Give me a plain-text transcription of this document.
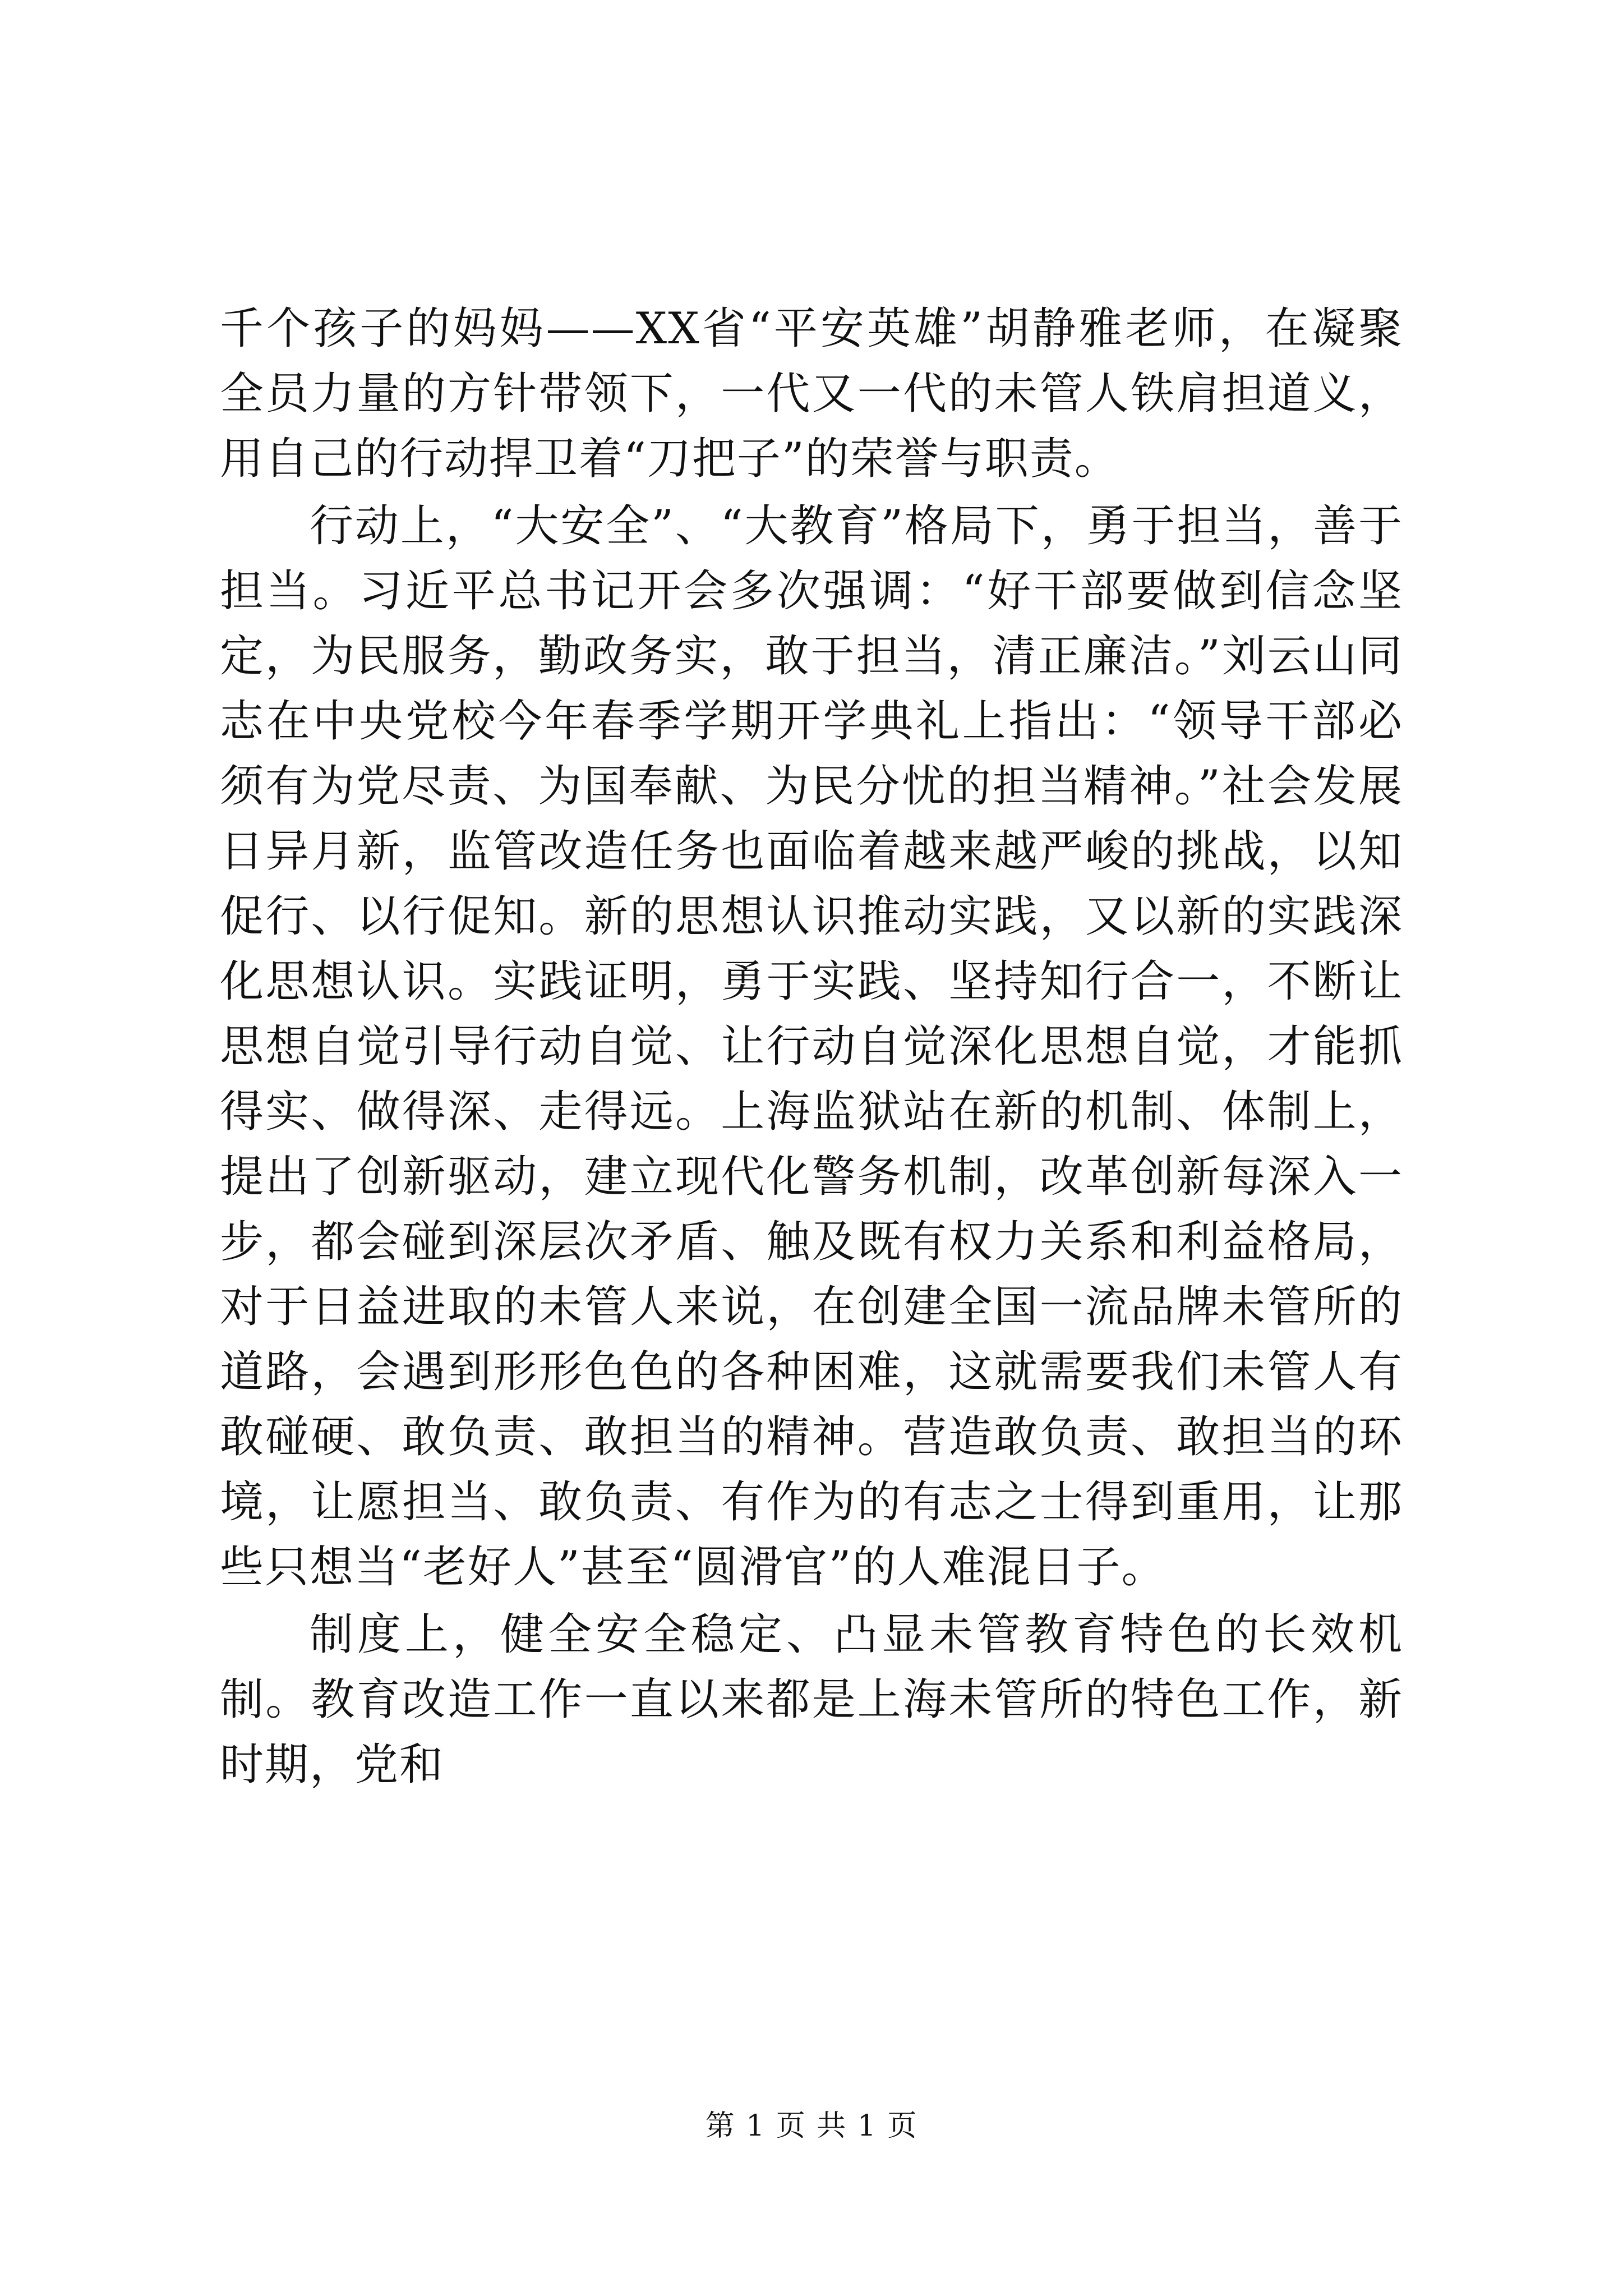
千个孩子的妈妈——XX省“平安英雄”胡静雅老师，在凝聚全员力量的方针带领下，一代又一代的未管人铁肩担道义，用自己的行动捍卫着“刀把子”的荣誉与职责。

行动上，“大安全”、“大教育”格局下，勇于担当，善于担当。习近平总书记开会多次强调：“好干部要做到信念坚定，为民服务，勤政务实，敢于担当，清正廉洁。”刘云山同志在中央党校今年春季学期开学典礼上指出：“领导干部必须有为党尽责、为国奉献、为民分忧的担当精神。”社会发展日异月新，监管改造任务也面临着越来越严峻的挑战，以知促行、以行促知。新的思想认识推动实践，又以新的实践深化思想认识。实践证明，勇于实践、坚持知行合一，不断让思想自觉引导行动自觉、让行动自觉深化思想自觉，才能抓得实、做得深、走得远。上海监狱站在新的机制、体制上，提出了创新驱动，建立现代化警务机制，改革创新每深入一步，都会碰到深层次矛盾、触及既有权力关系和利益格局，对于日益进取的未管人来说，在创建全国一流品牌未管所的道路，会遇到形形色色的各种困难，这就需要我们未管人有敢碰硬、敢负责、敢担当的精神。营造敢负责、敢担当的环境，让愿担当、敢负责、有作为的有志之士得到重用，让那些只想当“老好人”甚至“圆滑官”的人难混日子。

制度上，健全安全稳定、凸显未管教育特色的长效机制。教育改造工作一直以来都是上海未管所的特色工作，新时期，党和

第 1 页 共 1 页
